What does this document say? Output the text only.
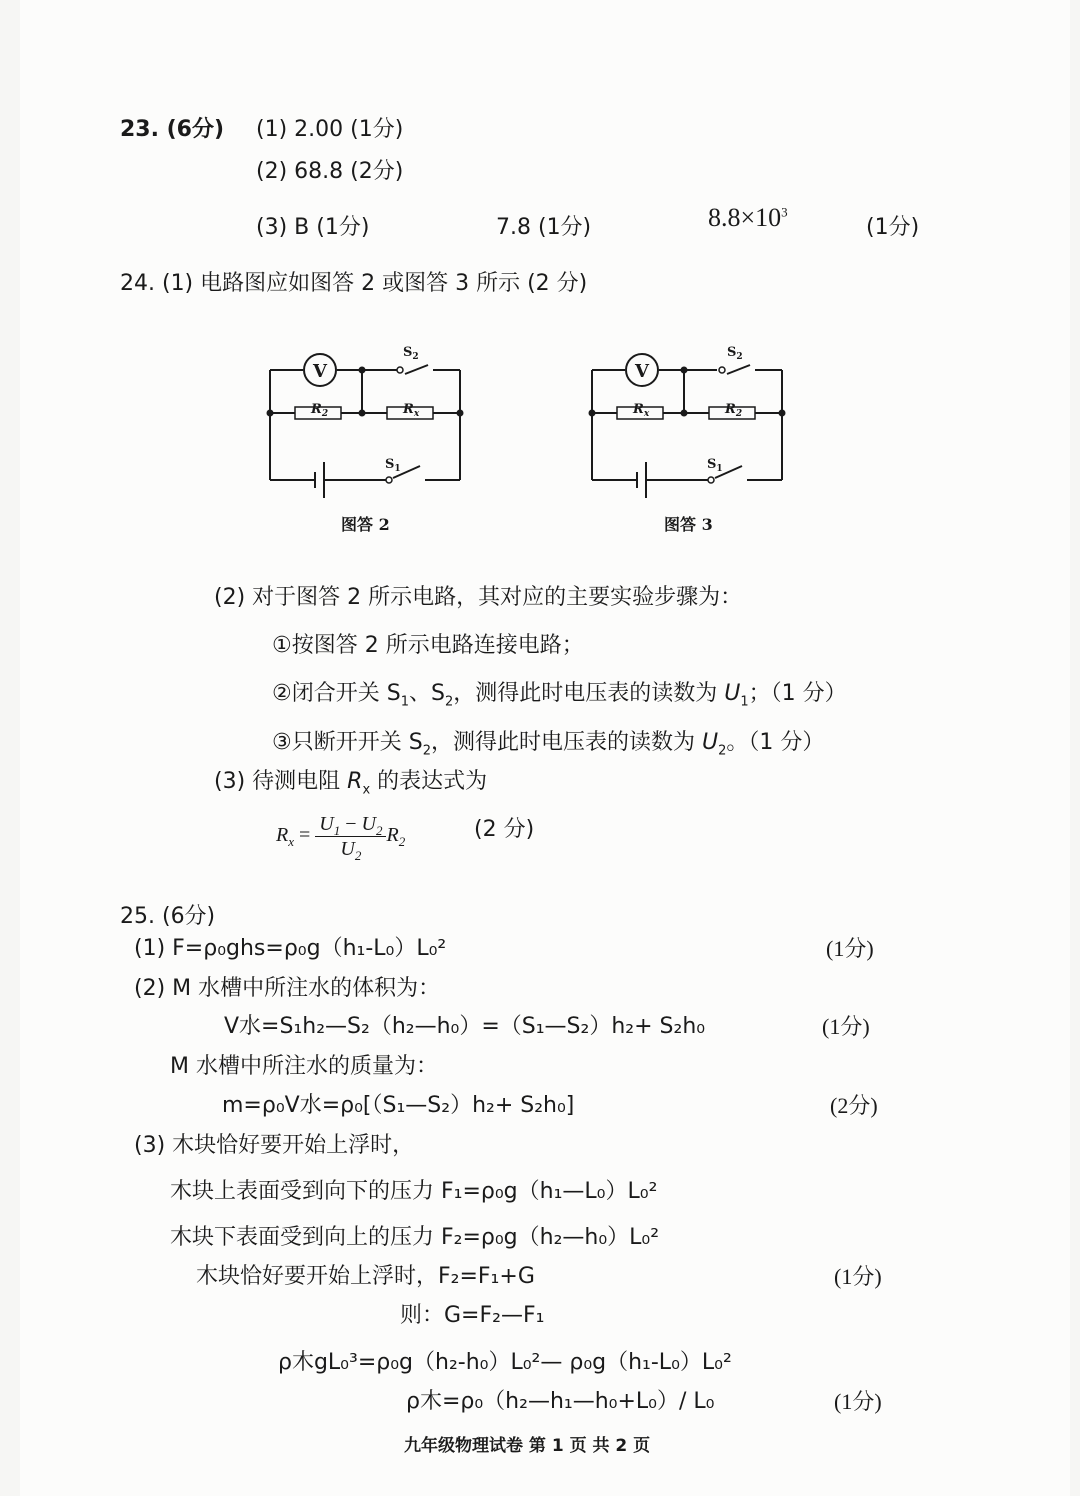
23. (6分) (1) 2.00 (1分)
(2) 68.8 (2分)
(3) B (1分)	7.8 (1分)	$8.8\times 10^3$
(1分)
24. (1) 电路图应如图答 2 或图答 3 所示 (2 分)
V
$R_2$	$R_x$
$S_2$
$S_1$
图答 2
V
$R_x$	$R_2$
$S_2$
$S_1$
图答 3
(2) 对于图答 2 所示电路，其对应的主要实验步骤为：
①按图答 2 所示电路连接电路；
②闭合开关 $S_1$、$S_2$，测得此时电压表的读数为 $U_1$；（1 分）
③只断开开关 $S_2$，测得此时电压表的读数为 $U_2$。（1 分）
(3) 待测电阻 $R_x$ 的表达式为
$R_x = \frac{U_1 - U_2}{U_2} R_2$	(2 分)
25. (6分)
(1) F=ρ₀ghs=ρ₀g（h₁-L₀）L₀²	(1分)
(2) M 水槽中所注水的体积为：
V水=S₁h₂—S₂（h₂—h₀）=（S₁—S₂）h₂+ S₂h₀	(1分)
M 水槽中所注水的质量为：
m=ρ₀V水=ρ₀[（S₁—S₂）h₂+ S₂h₀]	(2分)
(3) 木块恰好要开始上浮时，
木块上表面受到向下的压力 F₁=ρ₀g（h₁—L₀）L₀²
木块下表面受到向上的压力 F₂=ρ₀g（h₂—h₀）L₀²
木块恰好要开始上浮时，F₂=F₁+G	(1分)
则：G=F₂—F₁
ρ木gL₀³=ρ₀g（h₂-h₀）L₀²— ρ₀g（h₁-L₀）L₀²
ρ木=ρ₀（h₂—h₁—h₀+L₀）/ L₀	(1分)
九年级物理试卷 第 1 页 共 2 页
